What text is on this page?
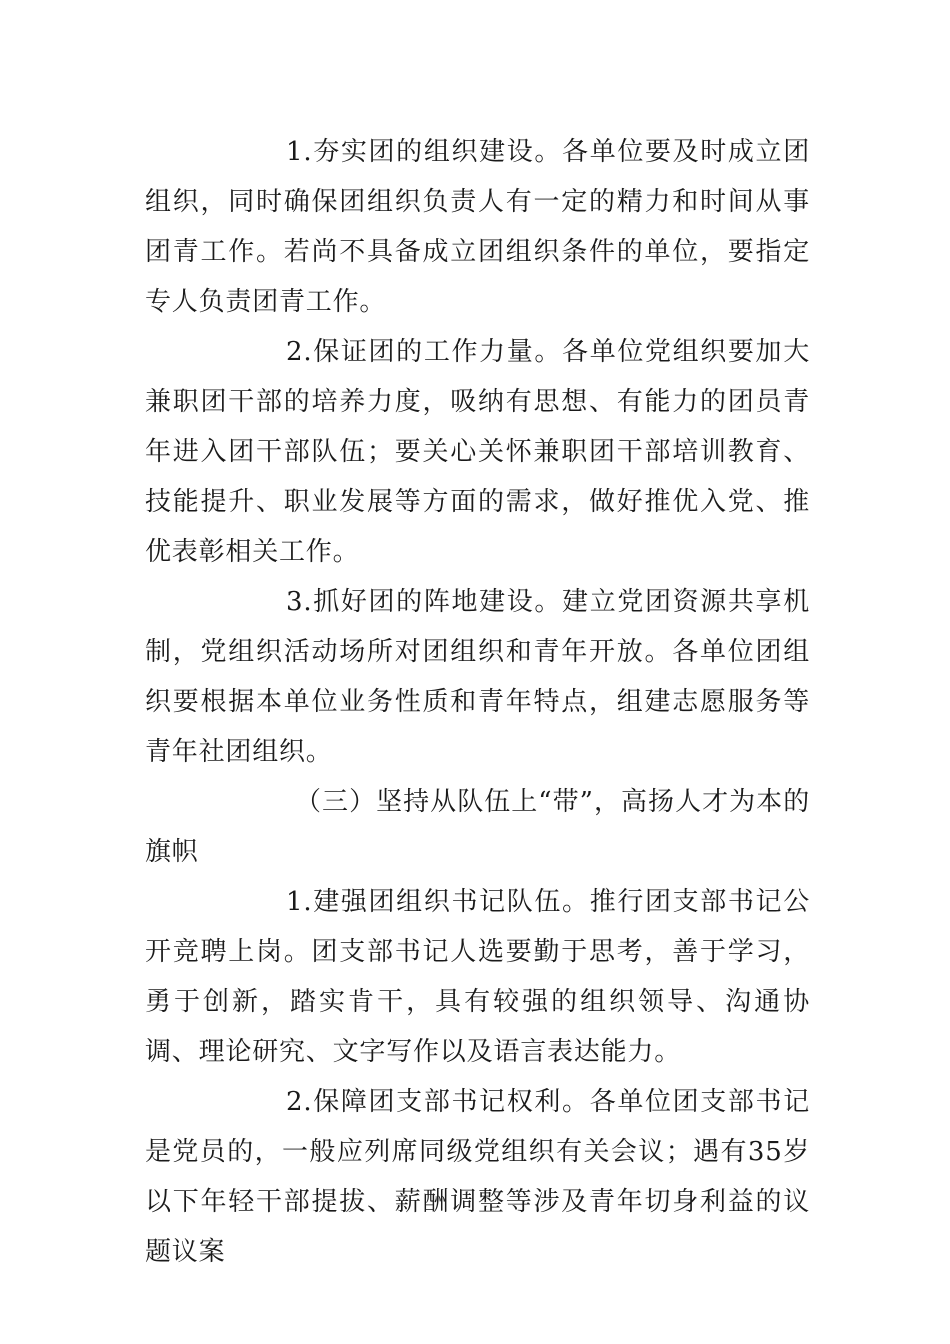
1.夯实团的组织建设。各单位要及时成立团组织，同时确保团组织负责人有一定的精力和时间从事团青工作。若尚不具备成立团组织条件的单位，要指定专人负责团青工作。

2.保证团的工作力量。各单位党组织要加大兼职团干部的培养力度，吸纳有思想、有能力的团员青年进入团干部队伍；要关心关怀兼职团干部培训教育、技能提升、职业发展等方面的需求，做好推优入党、推优表彰相关工作。

3.抓好团的阵地建设。建立党团资源共享机制，党组织活动场所对团组织和青年开放。各单位团组织要根据本单位业务性质和青年特点，组建志愿服务等青年社团组织。

（三）坚持从队伍上“带”，高扬人才为本的旗帜

1.建强团组织书记队伍。推行团支部书记公开竞聘上岗。团支部书记人选要勤于思考，善于学习，勇于创新，踏实肯干，具有较强的组织领导、沟通协调、理论研究、文字写作以及语言表达能力。

2.保障团支部书记权利。各单位团支部书记是党员的，一般应列席同级党组织有关会议；遇有35岁以下年轻干部提拔、薪酬调整等涉及青年切身利益的议题议案
